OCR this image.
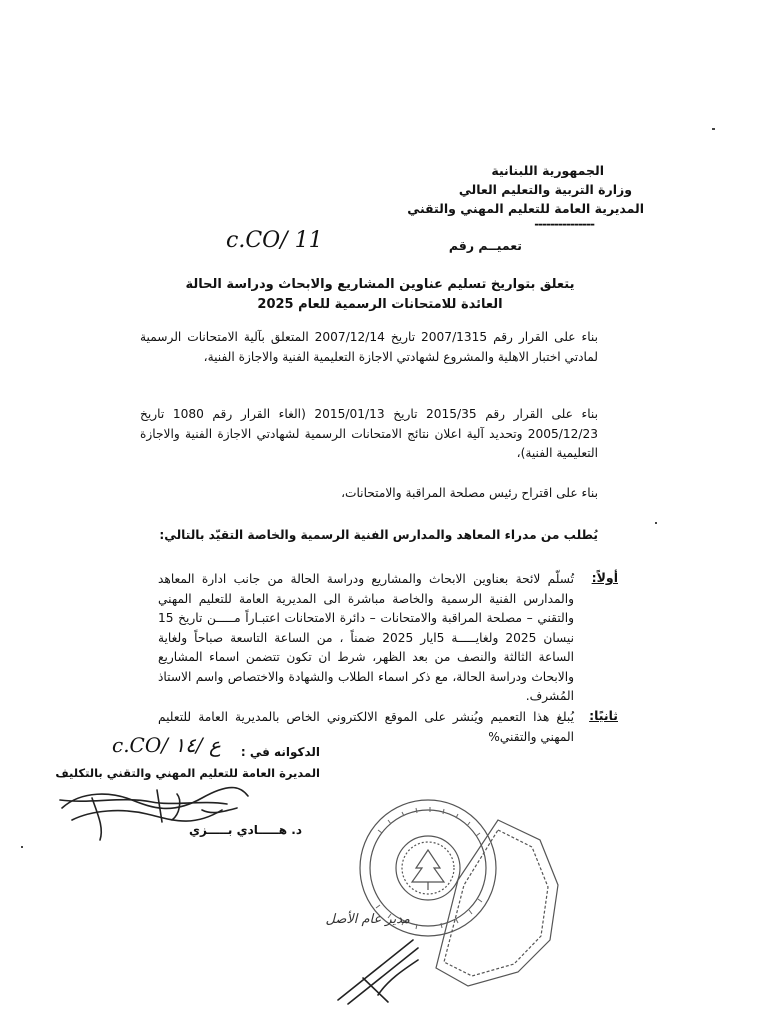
الجمهورية اللبنانية
وزارة التربية والتعليم العالي
المديرية العامة للتعليم المهني والتقني
---------------
تعميــم رقم
c.CO/ 11
يتعلق بتواريخ تسليم عناوين المشاريع والابحاث ودراسة الحالة
العائدة للامتحانات الرسمية للعام 2025
بناء على القرار رقم 2007/1315 تاريخ 2007/12/14 المتعلق بآلية الامتحانات الرسمية لمادتي اختبار الاهلية والمشروع لشهادتي الاجازة التعليمية الفنية والاجازة الفنية،
بناء على القرار رقم 2015/35 تاريخ 2015/01/13 (الغاء القرار رقم 1080 تاريخ 2005/12/23 وتحديد آلية اعلان نتائج الامتحانات الرسمية لشهادتي الاجازة الفنية والاجازة التعليمية الفنية)،
بناء على اقتراح رئيس مصلحة المراقبة والامتحانات،
يُطلب من مدراء المعاهد والمدارس الفنية الرسمية والخاصة التقيّد بالتالي:
أولاً:
تُسلّم لائحة بعناوين الابحاث والمشاريع ودراسة الحالة من جانب ادارة المعاهد والمدارس الفنية الرسمية والخاصة مباشرة الى المديرية العامة للتعليم المهني والتقني – مصلحة المراقبة والامتحانات – دائرة الامتحانات اعتبـاراً مـــــن تاريخ 15 نيسان 2025 ولغايـــــة 5ايار 2025 ضمناً ، من الساعة التاسعة صباحاً ولغاية الساعة الثالثة والنصف من بعد الظهر، شرط ان تكون تتضمن اسماء المشاريع والابحاث ودراسة الحالة، مع ذكر اسماء الطلاب والشهادة والاختصاص واسم الاستاذ المُشرف.
ثانيًا:
يُبلغ هذا التعميم ويُنشر على الموقع الالكتروني الخاص بالمديرية العامة للتعليم المهني والتقني%
الدكوانه في :
c.CO/ ع /١٤
المديرة العامة للتعليم المهني والتقني بالتكليف
د. هـــــادي بـــــزي
مدير عام الأصل
